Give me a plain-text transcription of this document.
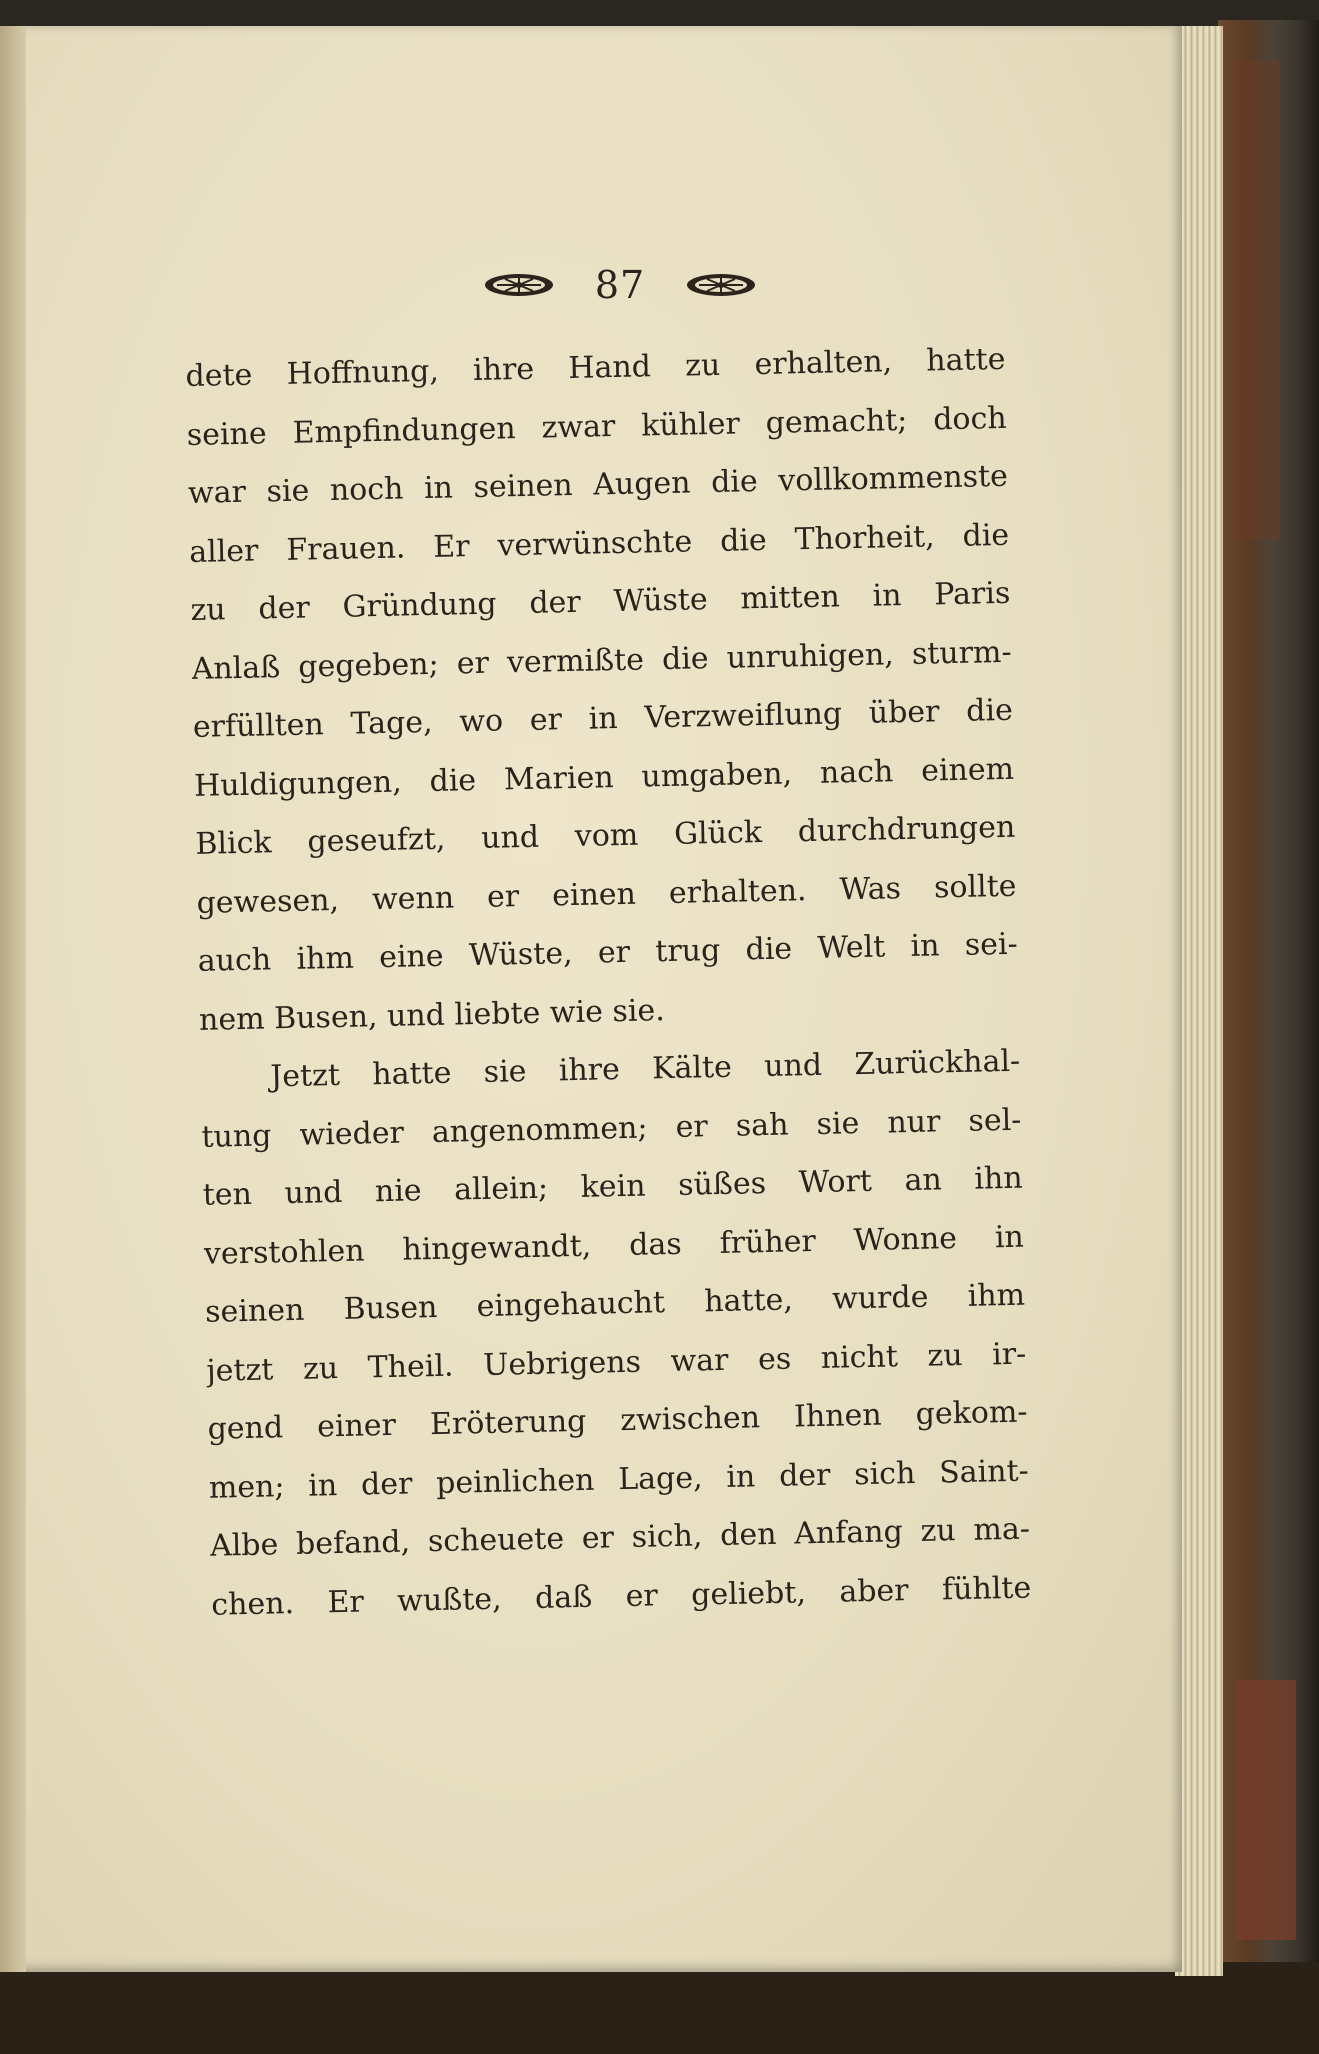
87
dete Hoffnung, ihre Hand zu erhalten, hatte
seine Empfindungen zwar kühler gemacht; doch
war sie noch in seinen Augen die vollkommenste
aller Frauen. Er verwünschte die Thorheit, die
zu der Gründung der Wüste mitten in Paris
Anlaß gegeben; er vermißte die unruhigen, sturm-
erfüllten Tage, wo er in Verzweiflung über die
Huldigungen, die Marien umgaben, nach einem
Blick geseufzt, und vom Glück durchdrungen
gewesen, wenn er einen erhalten. Was sollte
auch ihm eine Wüste, er trug die Welt in sei-
nem Busen, und liebte wie sie.
Jetzt hatte sie ihre Kälte und Zurückhal-
tung wieder angenommen; er sah sie nur sel-
ten und nie allein; kein süßes Wort an ihn
verstohlen hingewandt, das früher Wonne in
seinen Busen eingehaucht hatte, wurde ihm
jetzt zu Theil. Uebrigens war es nicht zu ir-
gend einer Eröterung zwischen Ihnen gekom-
men; in der peinlichen Lage, in der sich Saint-
Albe befand, scheuete er sich, den Anfang zu ma-
chen. Er wußte, daß er geliebt, aber fühlte
